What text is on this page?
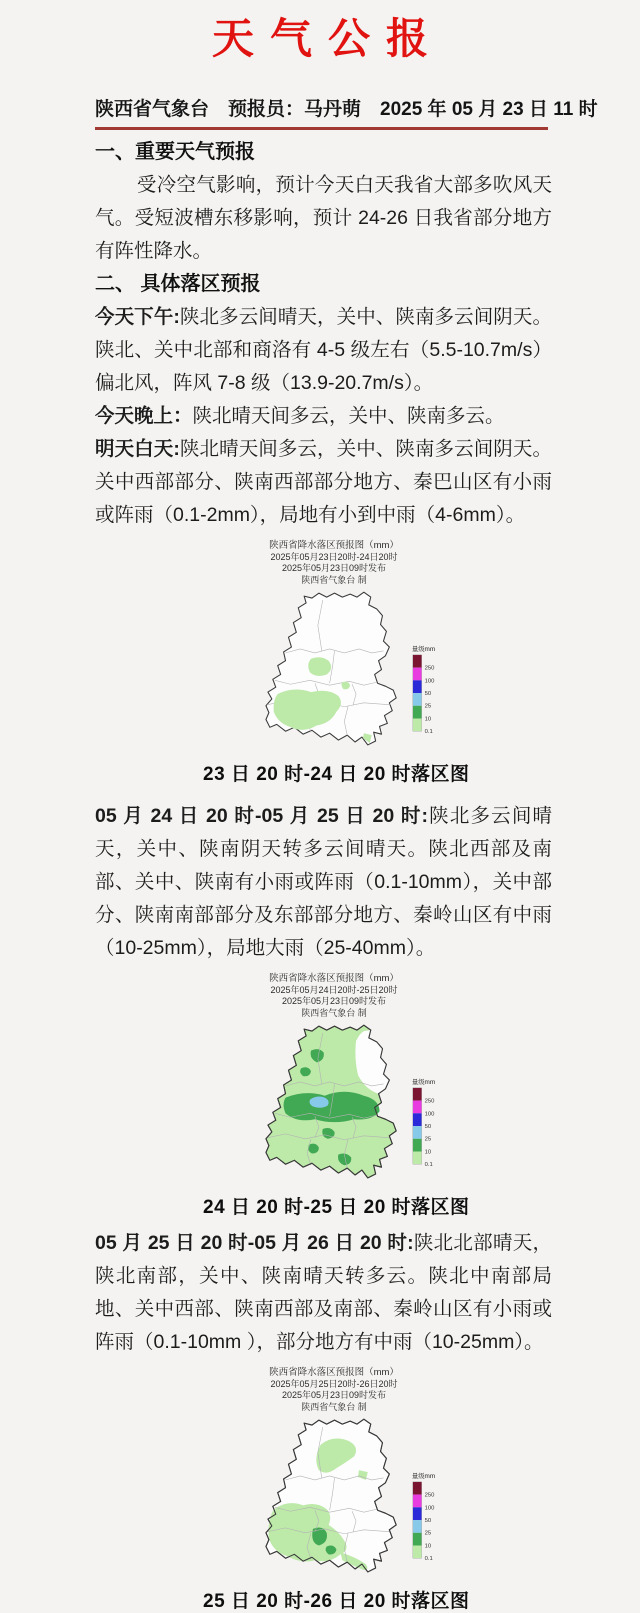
天气公报
陕西省气象台　预报员：马丹萌　2025 年 05 月 23 日 11 时
一、重要天气预报

受冷空气影响，预计今天白天我省大部多吹风天气。受短波槽东移影响，预计 24-26 日我省部分地方有阵性降水。

二、 具体落区预报

今天下午:陕北多云间晴天，关中、陕南多云间阴天。陕北、关中北部和商洛有 4-5 级左右（5.5-10.7m/s）偏北风，阵风 7-8 级（13.9-20.7m/s）。

今天晚上：陕北晴天间多云，关中、陕南多云。

明天白天:陕北晴天间多云，关中、陕南多云间阴天。关中西部部分、陕南西部部分地方、秦巴山区有小雨或阵雨（0.1-2mm），局地有小到中雨（4-6mm）。

陕西省降水落区预报图（mm）
2025年05月23日20时-24日20时
2025年05月23日09时发布
陕西省气象台 制
量级mm
250
100
50
25
10
0.1
23 日 20 时-24 日 20 时落区图

05 月 24 日 20 时-05 月 25 日 20 时:陕北多云间晴天，关中、陕南阴天转多云间晴天。陕北西部及南部、关中、陕南有小雨或阵雨（0.1-10mm），关中部分、陕南南部部分及东部部分地方、秦岭山区有中雨（10-25mm），局地大雨（25-40mm）。

陕西省降水落区预报图（mm）
2025年05月24日20时-25日20时
2025年05月23日09时发布
陕西省气象台 制
量级mm
250
100
50
25
10
0.1
24 日 20 时-25 日 20 时落区图

05 月 25 日 20 时-05 月 26 日 20 时:陕北北部晴天，陕北南部，关中、陕南晴天转多云。陕北中南部局地、关中西部、陕南西部及南部、秦岭山区有小雨或阵雨（0.1-10mm ），部分地方有中雨（10-25mm）。

陕西省降水落区预报图（mm）
2025年05月25日20时-26日20时
2025年05月23日09时发布
陕西省气象台 制
量级mm
250
100
50
25
10
0.1
25 日 20 时-26 日 20 时落区图
